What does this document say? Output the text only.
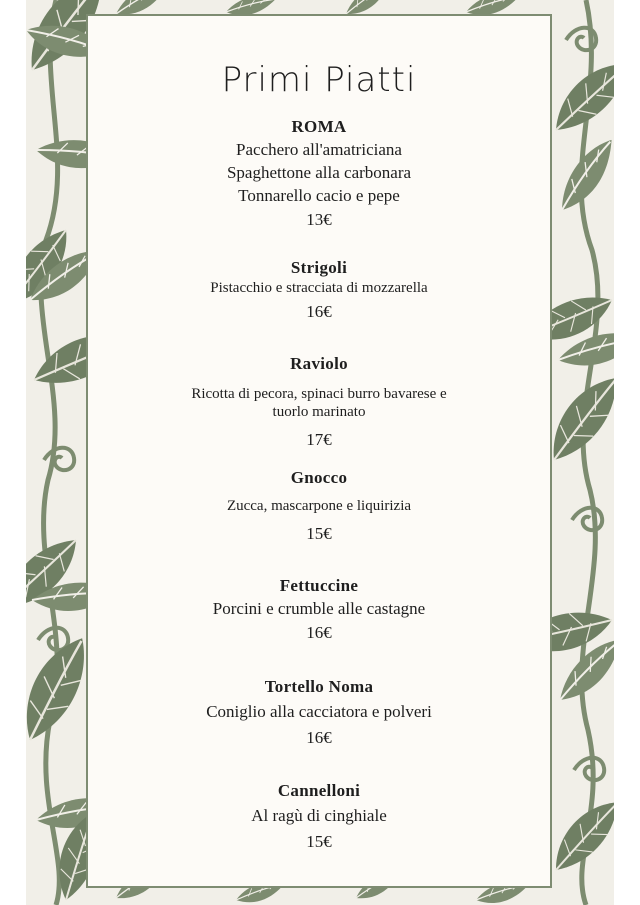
Primi Piatti
ROMA
Pacchero all'amatriciana
Spaghettone alla carbonara
Tonnarello cacio e pepe
13€
Strigoli
Pistacchio e stracciata di mozzarella
16€
Raviolo
Ricotta di pecora, spinaci burro bavarese e
tuorlo marinato
17€
Gnocco
Zucca, mascarpone e liquirizia
15€
Fettuccine
Porcini e crumble alle castagne
16€
Tortello Noma
Coniglio alla cacciatora e polveri
16€
Cannelloni
Al ragù di cinghiale
15€
